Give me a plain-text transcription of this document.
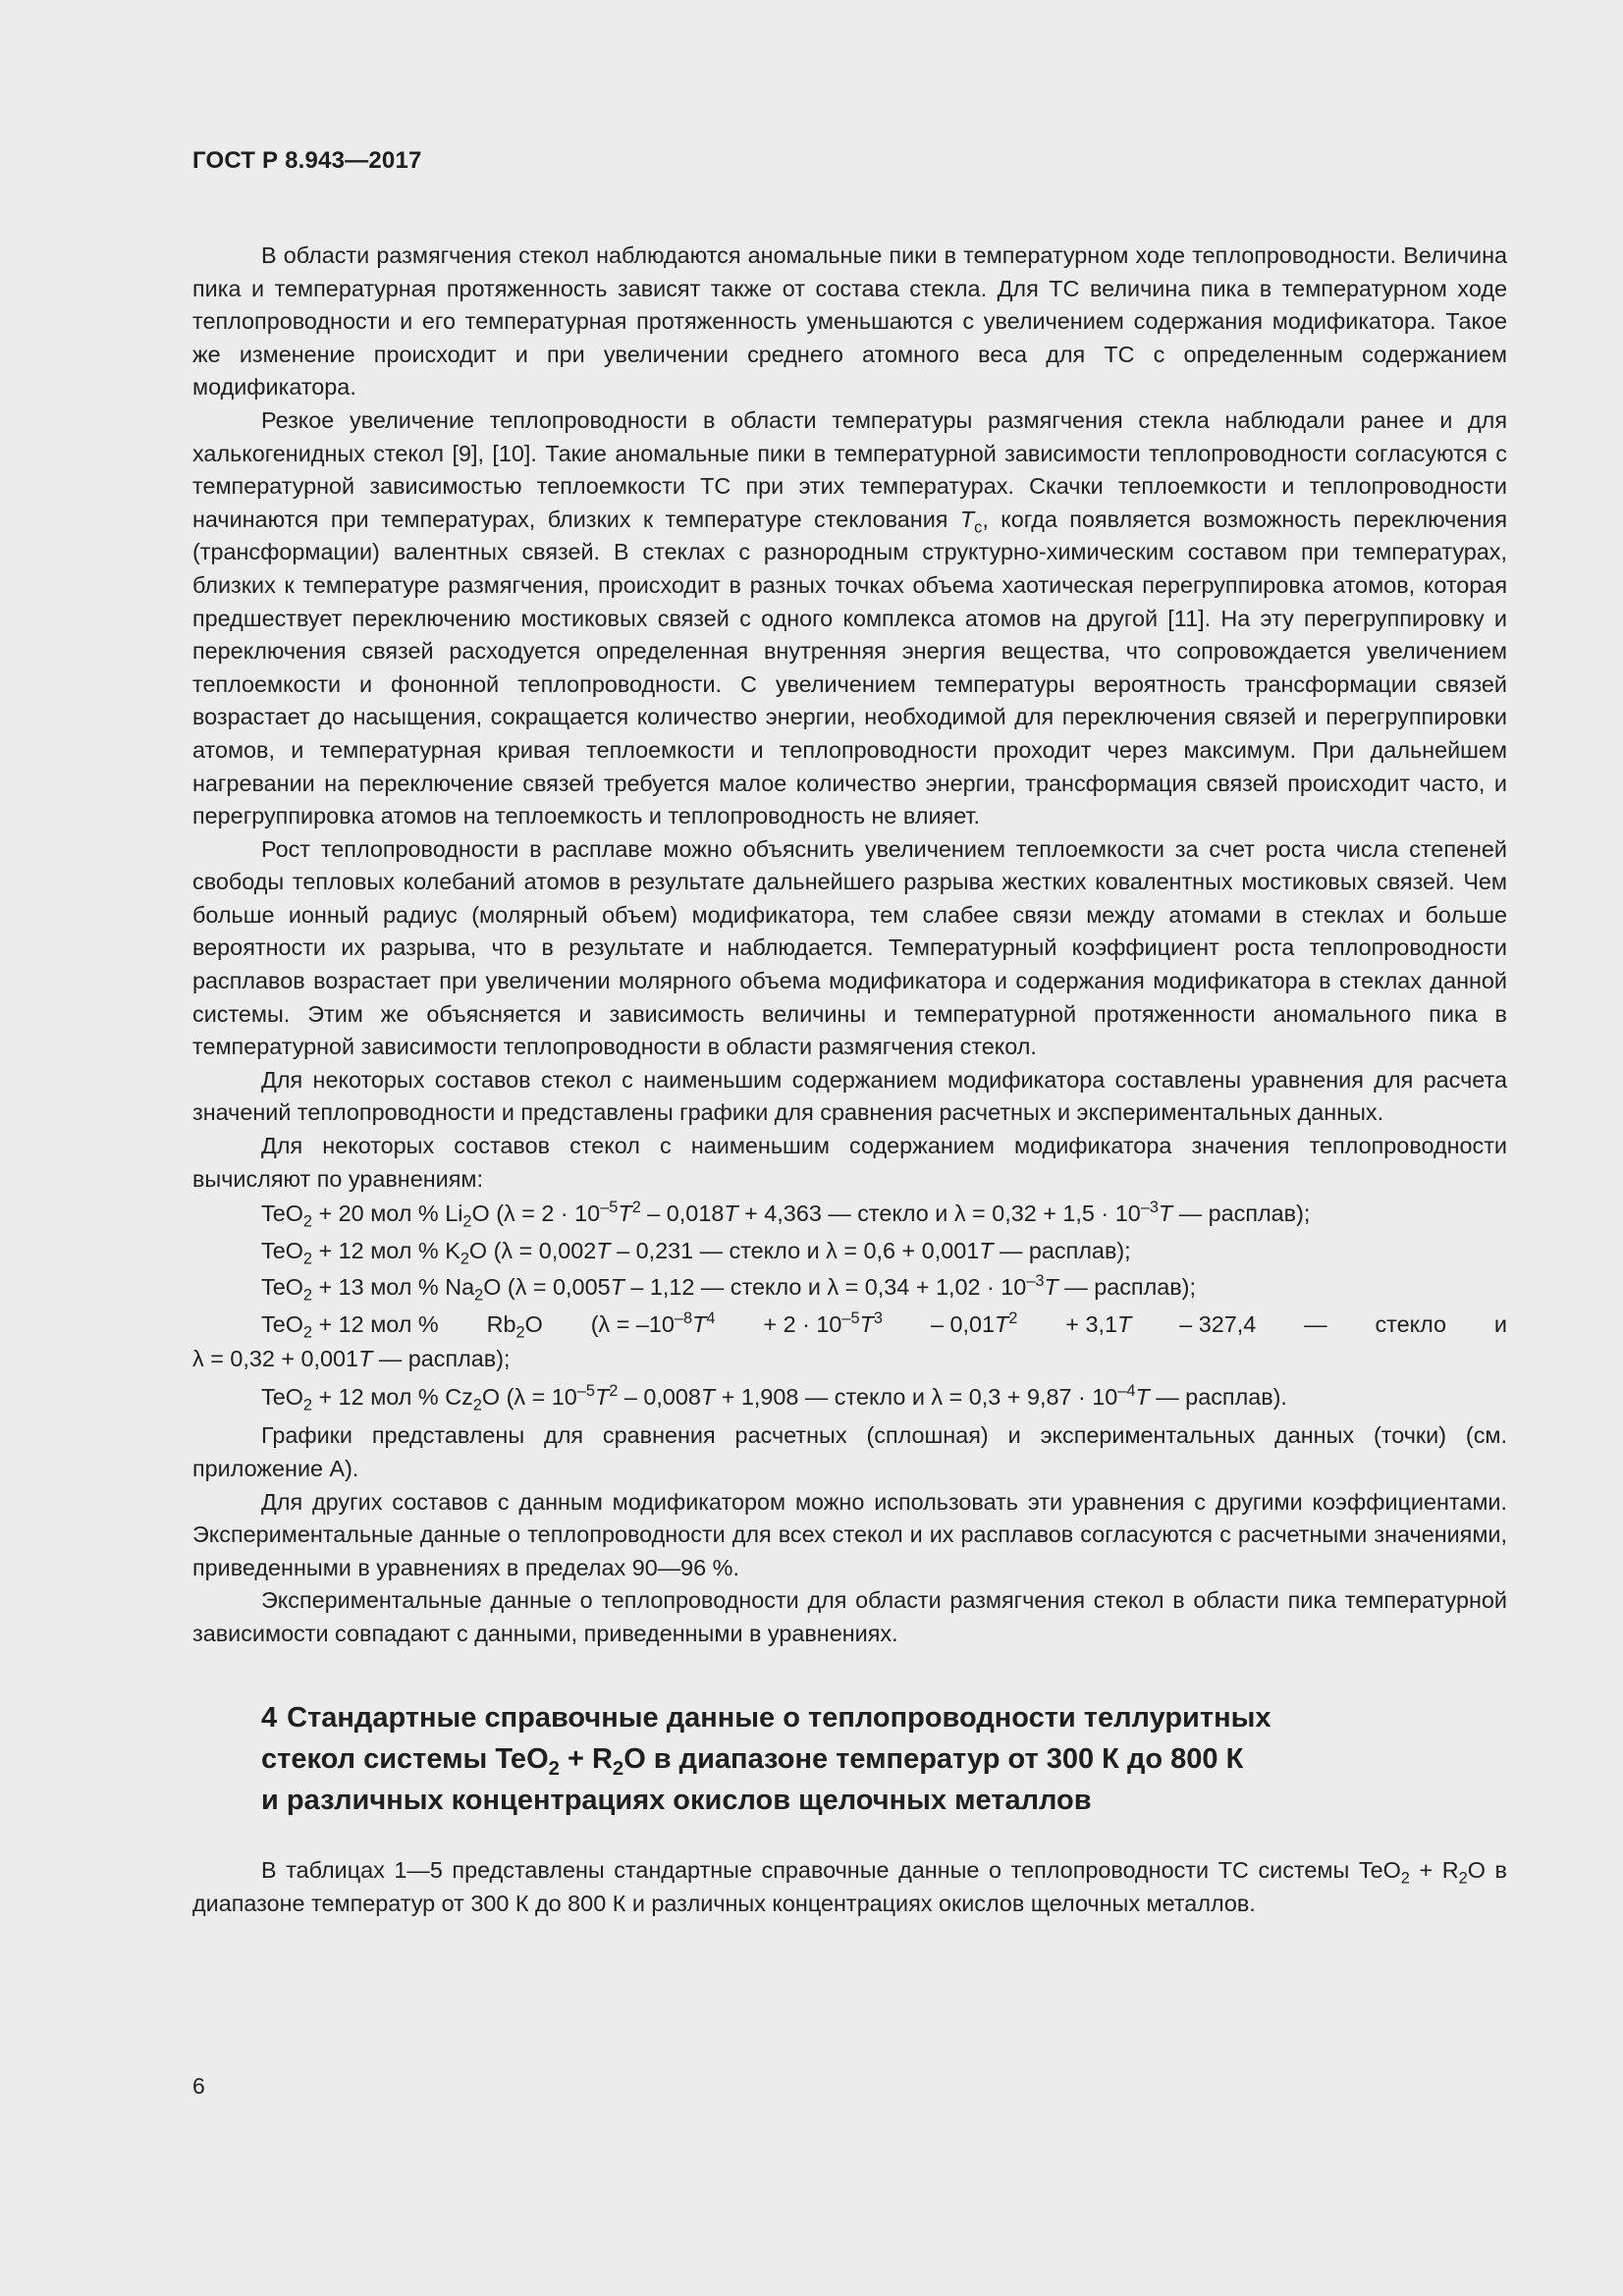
ГОСТ Р 8.943—2017

В области размягчения стекол наблюдаются аномальные пики в температурном ходе теплопроводности. Величина пика и температурная протяженность зависят также от состава стекла. Для ТС величина пика в температурном ходе теплопроводности и его температурная протяженность уменьшаются с увеличением содержания модификатора. Такое же изменение происходит и при увеличении среднего атомного веса для ТС с определенным содержанием модификатора.

Резкое увеличение теплопроводности в области температуры размягчения стекла наблюдали ранее и для халькогенидных стекол [9], [10]. Такие аномальные пики в температурной зависимости теплопроводности согласуются с температурной зависимостью теплоемкости ТС при этих температурах. Скачки теплоемкости и теплопроводности начинаются при температурах, близких к температуре стеклования $T_c$, когда появляется возможность переключения (трансформации) валентных связей. В стеклах с разнородным структурно-химическим составом при температурах, близких к температуре размягчения, происходит в разных точках объема хаотическая перегруппировка атомов, которая предшествует переключению мостиковых связей с одного комплекса атомов на другой [11]. На эту перегруппировку и переключения связей расходуется определенная внутренняя энергия вещества, что сопровождается увеличением теплоемкости и фононной теплопроводности. С увеличением температуры вероятность трансформации связей возрастает до насыщения, сокращается количество энергии, необходимой для переключения связей и перегруппировки атомов, и температурная кривая теплоемкости и теплопроводности проходит через максимум. При дальнейшем нагревании на переключение связей требуется малое количество энергии, трансформация связей происходит часто, и перегруппировка атомов на теплоемкость и теплопроводность не влияет.

Рост теплопроводности в расплаве можно объяснить увеличением теплоемкости за счет роста числа степеней свободы тепловых колебаний атомов в результате дальнейшего разрыва жестких ковалентных мостиковых связей. Чем больше ионный радиус (молярный объем) модификатора, тем слабее связи между атомами в стеклах и больше вероятности их разрыва, что в результате и наблюдается. Температурный коэффициент роста теплопроводности расплавов возрастает при увеличении молярного объема модификатора и содержания модификатора в стеклах данной системы. Этим же объясняется и зависимость величины и температурной протяженности аномального пика в температурной зависимости теплопроводности в области размягчения стекол.

Для некоторых составов стекол с наименьшим содержанием модификатора составлены уравнения для расчета значений теплопроводности и представлены графики для сравнения расчетных и экспериментальных данных.

Для некоторых составов стекол с наименьшим содержанием модификатора значения теплопроводности вычисляют по уравнениям:

TeO$_2$ + 20 мол % $Li_2O$ ($\lambda = 2 \cdot 10^{-5}T^2 - 0,018T + 4,363$ — стекло и $\lambda = 0,32 + 1,5 \cdot 10^{-3}T$ — расплав);
TeO$_2$ + 12 мол % $K_2O$ (λ = 0,002T – 0,231 — стекло и λ = 0,6 + 0,001T — расплав);
TeO$_2$ + 13 мол % $Na_2O$ (λ = 0,005T – 1,12 — стекло и $\lambda = 0,34 + 1,02 \cdot 10^{-3}T$ — расплав);
TeO$_2$ + 12 мол % $Rb_2O$ ($\lambda = -10^{-8}T^4 + 2 \cdot 10^{-5}T^3 - 0,01T^2 + 3,1T - 327,4$ — стекло и
λ = 0,32 + 0,001T — расплав);
TeO$_2$ + 12 мол % $Cz_2O$ ($\lambda = 10^{-5}T^2 - 0,008T + 1,908$ — стекло и $\lambda = 0,3 + 9,87 \cdot 10^{-4}T$ — расплав).

Графики представлены для сравнения расчетных (сплошная) и экспериментальных данных (точки) (см. приложение А).

Для других составов с данным модификатором можно использовать эти уравнения с другими коэффициентами. Экспериментальные данные о теплопроводности для всех стекол и их расплавов согласуются с расчетными значениями, приведенными в уравнениях в пределах 90—96 %.

Экспериментальные данные о теплопроводности для области размягчения стекол в области пика температурной зависимости совпадают с данными, приведенными в уравнениях.

4 Стандартные справочные данные о теплопроводности теллуритных
стекол системы $TeO_2 + R_2O$ в диапазоне температур от 300 К до 800 К
и различных концентрациях окислов щелочных металлов

В таблицах 1—5 представлены стандартные справочные данные о теплопроводности ТС системы $TeO_2 + R_2O$ в диапазоне температур от 300 К до 800 К и различных концентрациях окислов щелочных металлов.

6
